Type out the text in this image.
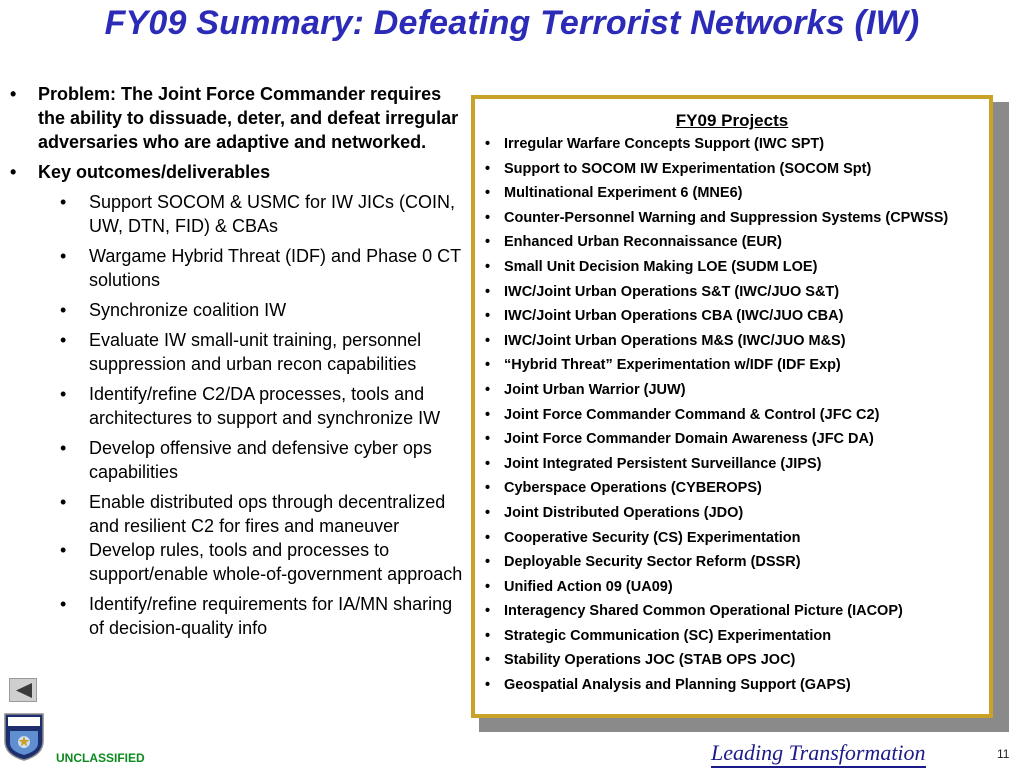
FY09 Summary: Defeating Terrorist Networks (IW)
• Problem: The Joint Force Commander requires the ability to dissuade, deter, and defeat irregular adversaries who are adaptive and networked.
• Key outcomes/deliverables
• Support SOCOM & USMC for IW JICs (COIN, UW, DTN, FID) & CBAs
• Wargame Hybrid Threat (IDF) and Phase 0 CT solutions
• Synchronize coalition IW
• Evaluate IW small-unit training, personnel suppression and urban recon capabilities
• Identify/refine C2/DA processes, tools and architectures to support and synchronize IW
• Develop offensive and defensive cyber ops capabilities
• Enable distributed ops through decentralized and resilient C2 for fires and maneuver
• Develop rules, tools and processes to support/enable whole-of-government approach
• Identify/refine requirements for IA/MN sharing of decision-quality info
FY09 Projects
• Irregular Warfare Concepts Support (IWC SPT)
• Support to SOCOM IW Experimentation (SOCOM Spt)
• Multinational Experiment 6 (MNE6)
• Counter-Personnel Warning and Suppression Systems (CPWSS)
• Enhanced Urban Reconnaissance (EUR)
• Small Unit Decision Making LOE (SUDM LOE)
• IWC/Joint Urban Operations S&T (IWC/JUO S&T)
• IWC/Joint Urban Operations CBA (IWC/JUO CBA)
• IWC/Joint Urban Operations M&S (IWC/JUO M&S)
• “Hybrid Threat” Experimentation w/IDF (IDF Exp)
• Joint Urban Warrior (JUW)
• Joint Force Commander Command & Control (JFC C2)
• Joint Force Commander Domain Awareness (JFC DA)
• Joint Integrated Persistent Surveillance (JIPS)
• Cyberspace Operations (CYBEROPS)
• Joint Distributed Operations (JDO)
• Cooperative Security (CS) Experimentation
• Deployable Security Sector Reform (DSSR)
• Unified Action 09 (UA09)
• Interagency Shared Common Operational Picture (IACOP)
• Strategic Communication (SC) Experimentation
• Stability Operations JOC (STAB OPS JOC)
• Geospatial Analysis and Planning Support (GAPS)
UNCLASSIFIED	Leading Transformation	11
